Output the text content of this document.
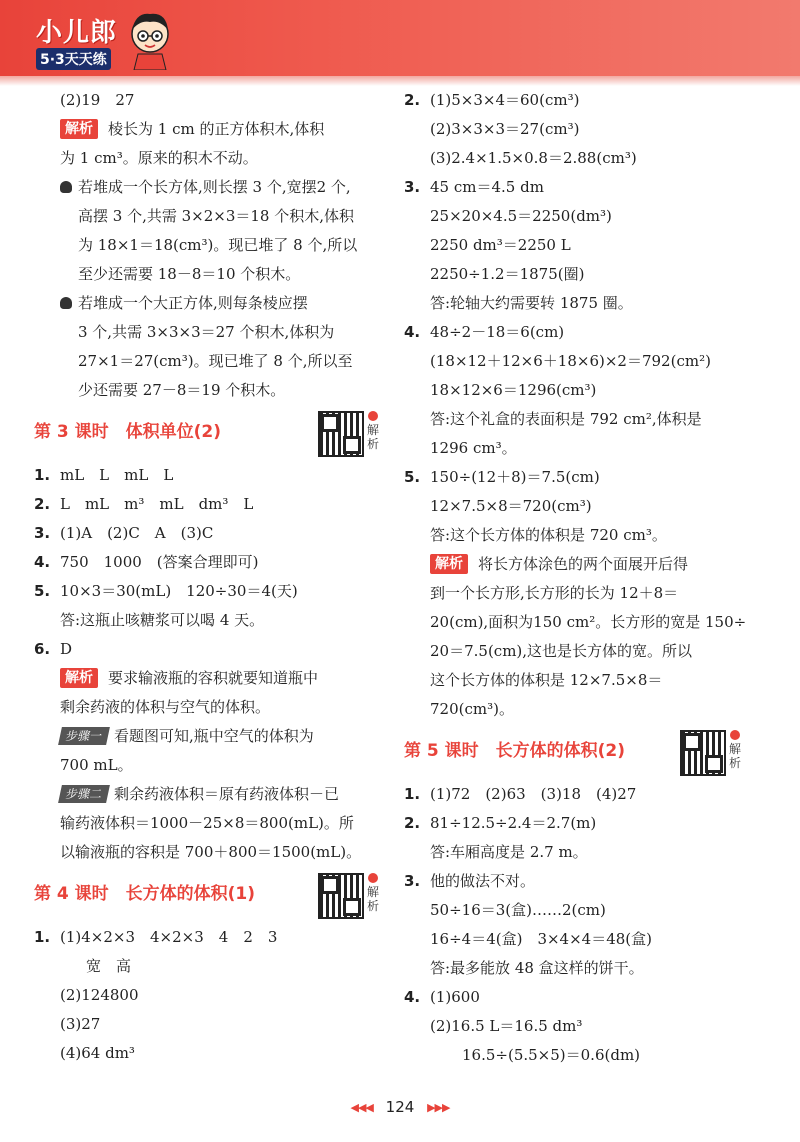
小儿郎
5·3天天练
(2)19　27
解析 棱长为 1 cm 的正方体积木,体积
为 1 cm³。原来的积木不动。
若堆成一个长方体,则长摆 3 个,宽摆2 个,
高摆 3 个,共需 3×2×3＝18 个积木,体积
为 18×1＝18(cm³)。现已堆了 8 个,所以
至少还需要 18－8＝10 个积木。
若堆成一个大正方体,则每条棱应摆
3 个,共需 3×3×3＝27 个积木,体积为
27×1＝27(cm³)。现已堆了 8 个,所以至
少还需要 27－8＝19 个积木。
第 3 课时　体积单位(2)	解析
1. mL　L　mL　L
2. L　mL　m³　mL　dm³　L
3. (1)A　(2)C　A　(3)C
4. 750　1000　(答案合理即可)
5. 10×3＝30(mL)　120÷30＝4(天)
答:这瓶止咳糖浆可以喝 4 天。
6. D
解析 要求输液瓶的容积就要知道瓶中
剩余药液的体积与空气的体积。
步骤一 看题图可知,瓶中空气的体积为
700 mL。
步骤二 剩余药液体积＝原有药液体积－已
输药液体积＝1000－25×8＝800(mL)。所
以输液瓶的容积是 700＋800＝1500(mL)。
第 4 课时　长方体的体积(1)	解析
1. (1)4×2×3　4×2×3　4　2　3
宽　高
(2)124800
(3)27
(4)64 dm³
2. (1)5×3×4＝60(cm³)
(2)3×3×3＝27(cm³)
(3)2.4×1.5×0.8＝2.88(cm³)
3. 45 cm＝4.5 dm
25×20×4.5＝2250(dm³)
2250 dm³＝2250 L
2250÷1.2＝1875(圈)
答:轮轴大约需要转 1875 圈。
4. 48÷2－18＝6(cm)
(18×12＋12×6＋18×6)×2＝792(cm²)
18×12×6＝1296(cm³)
答:这个礼盒的表面积是 792 cm²,体积是
1296 cm³。
5. 150÷(12＋8)＝7.5(cm)
12×7.5×8＝720(cm³)
答:这个长方体的体积是 720 cm³。
解析 将长方体涂色的两个面展开后得
到一个长方形,长方形的长为 12＋8＝
20(cm),面积为150 cm²。长方形的宽是 150÷
20＝7.5(cm),这也是长方体的宽。所以
这个长方体的体积是 12×7.5×8＝
720(cm³)。
第 5 课时　长方体的体积(2)	解析
1. (1)72　(2)63　(3)18　(4)27
2. 81÷12.5÷2.4＝2.7(m)
答:车厢高度是 2.7 m。
3. 他的做法不对。
50÷16＝3(盒)……2(cm)
16÷4＝4(盒)　3×4×4＝48(盒)
答:最多能放 48 盒这样的饼干。
4. (1)600
(2)16.5 L＝16.5 dm³
16.5÷(5.5×5)＝0.6(dm)
◀◀◀ 124 ▶▶▶
